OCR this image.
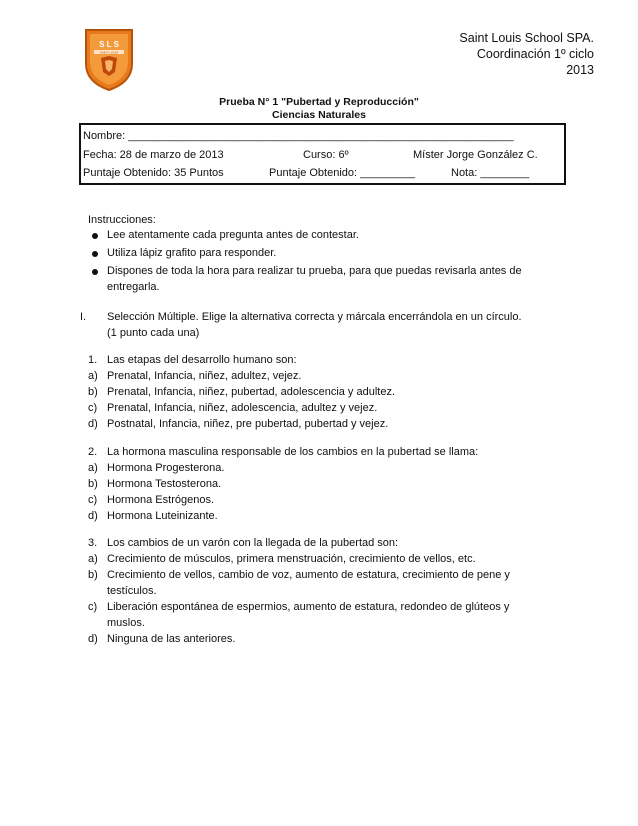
Saint Louis School SPA.
Coordinación 1º ciclo
2013
S L S
SAINT LOUIS
Prueba N° 1 "Pubertad y Reproducción"
Ciencias Naturales
Nombre: _______________________________________________________________
Fecha: 28 de marzo de 2013	Curso: 6º	Míster Jorge González C.
Puntaje Obtenido: 35 Puntos	Puntaje Obtenido: _________	Nota: ________
Instrucciones:
Lee atentamente cada pregunta antes de contestar.
Utiliza lápiz grafito para responder.
Dispones de toda la hora para realizar tu prueba, para que puedas revisarla antes de
entregarla.
I. Selección Múltiple. Elige la alternativa correcta y márcala encerrándola en un círculo.
(1 punto cada una)
1. Las etapas del desarrollo humano son:
a) Prenatal, Infancia, niñez, adultez, vejez.
b) Prenatal, Infancia, niñez, pubertad, adolescencia y adultez.
c) Prenatal, Infancia, niñez, adolescencia, adultez y vejez.
d) Postnatal, Infancia, niñez, pre pubertad, pubertad y vejez.
2. La hormona masculina responsable de los cambios en la pubertad se llama:
a) Hormona Progesterona.
b) Hormona Testosterona.
c) Hormona Estrógenos.
d) Hormona Luteinizante.
3. Los cambios de un varón con la llegada de la pubertad son:
a) Crecimiento de músculos, primera menstruación, crecimiento de vellos, etc.
b) Crecimiento de vellos, cambio de voz, aumento de estatura, crecimiento de pene y
testículos.
c) Liberación espontánea de espermios, aumento de estatura, redondeo de glúteos y
muslos.
d) Ninguna de las anteriores.
